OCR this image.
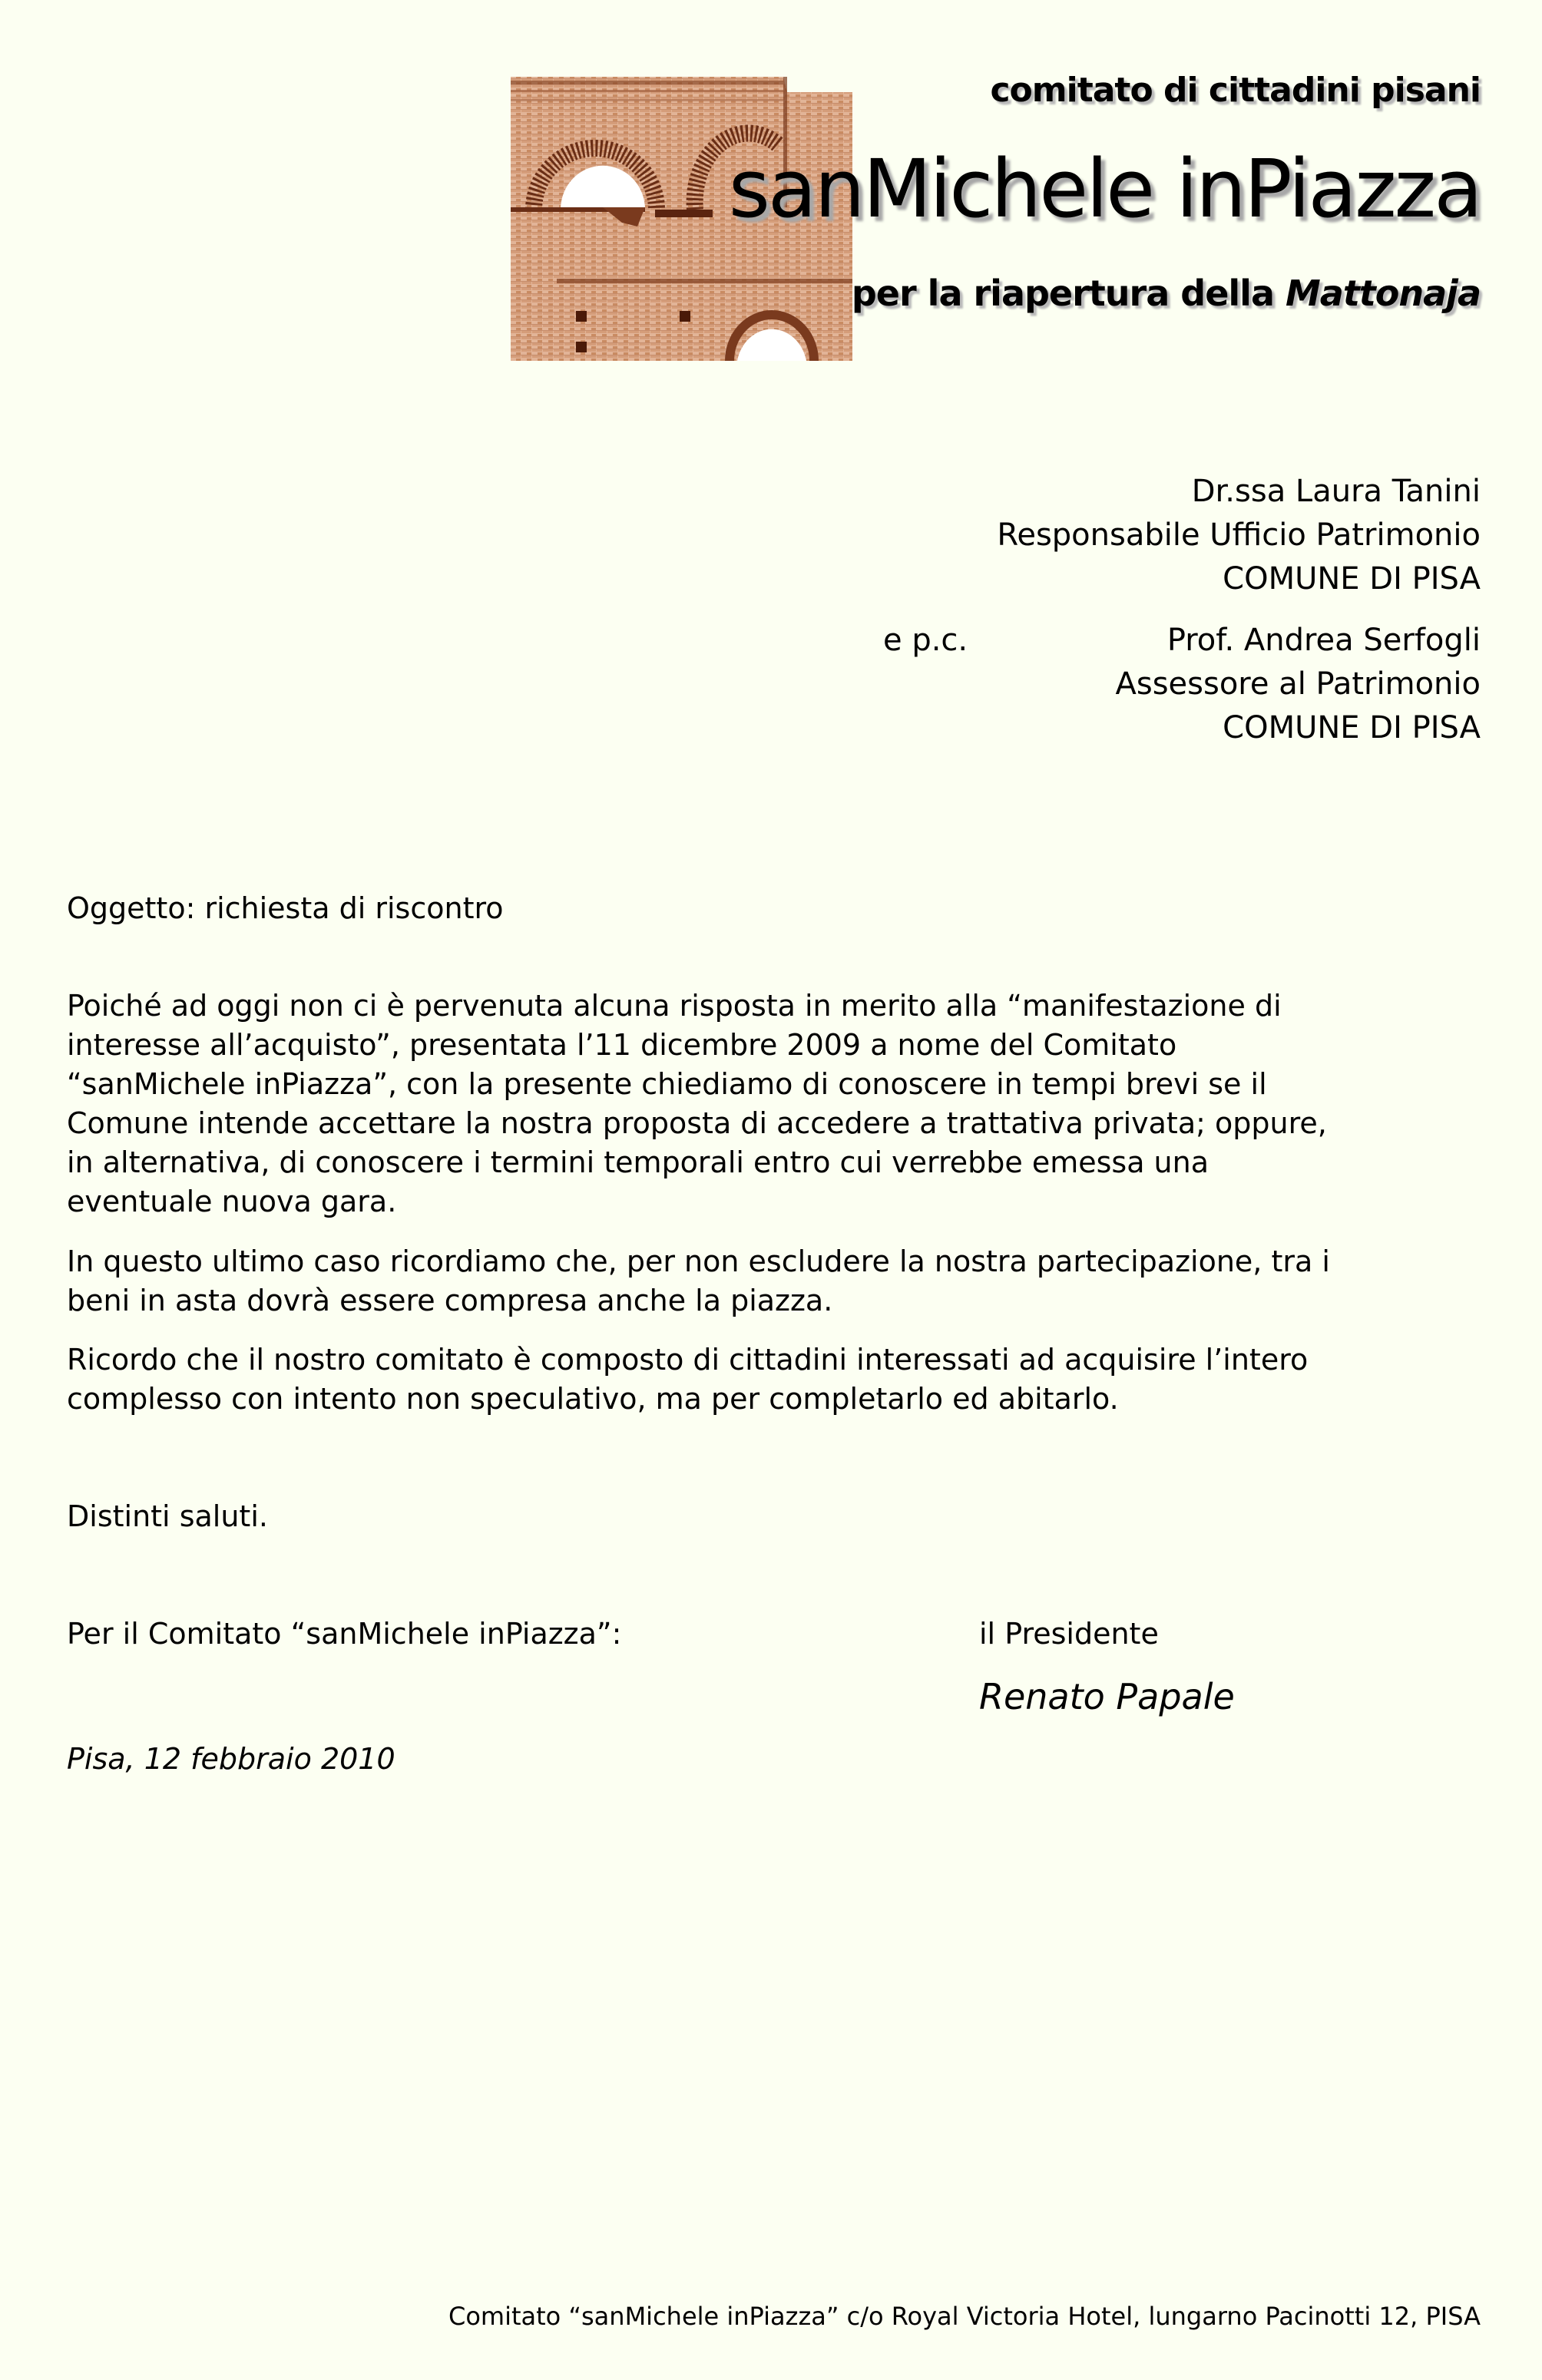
comitato di cittadini pisani
sanMichele inPiazza
per la riapertura della Mattonaja
Dr.ssa Laura Tanini
Responsabile Ufficio Patrimonio
COMUNE DI PISA
e p.c.	Prof. Andrea Serfogli
Assessore al Patrimonio
COMUNE DI PISA
Oggetto: richiesta di riscontro
Poiché ad oggi non ci è pervenuta alcuna risposta in merito alla “manifestazione di
interesse all’acquisto”, presentata l’11 dicembre 2009 a nome del Comitato
“sanMichele inPiazza”, con la presente chiediamo di conoscere in tempi brevi se il
Comune intende accettare la nostra proposta di accedere a trattativa privata; oppure,
in alternativa, di conoscere i termini temporali entro cui verrebbe emessa una
eventuale nuova gara.
In questo ultimo caso ricordiamo che, per non escludere la nostra partecipazione, tra i
beni in asta dovrà essere compresa anche la piazza.
Ricordo che il nostro comitato è composto di cittadini interessati ad acquisire l’intero
complesso con intento non speculativo, ma per completarlo ed abitarlo.
Distinti saluti.
Per il Comitato “sanMichele inPiazza”:	il Presidente
Renato Papale
Pisa, 12 febbraio 2010
Comitato “sanMichele inPiazza” c/o Royal Victoria Hotel, lungarno Pacinotti 12, PISA
